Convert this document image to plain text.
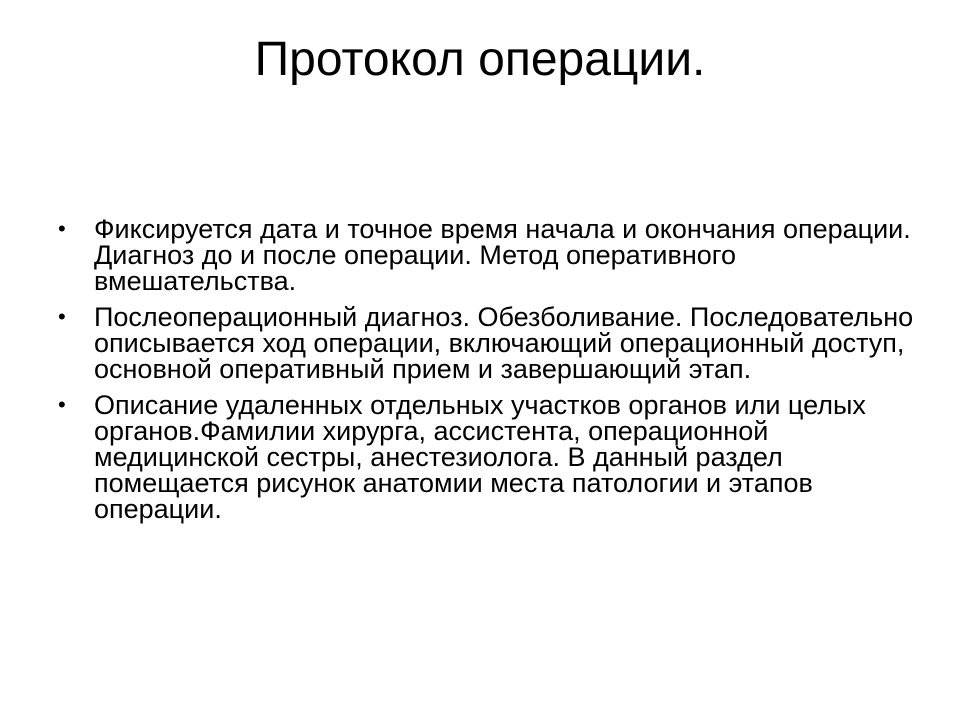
Протокол операции.
• Фиксируется дата и точное время начала и окончания операции. Диагноз до и после операции. Метод оперативного вмешательства.
• Послеоперационный диагноз. Обезболивание. Последовательно описывается ход операции, включающий операционный доступ, основной оперативный прием и завершающий этап.
• Описание удаленных отдельных участков органов или целых органов.Фамилии хирурга, ассистента, операционной медицинской сестры, анестезиолога. В данный раздел помещается рисунок анатомии места патологии и этапов операции.
